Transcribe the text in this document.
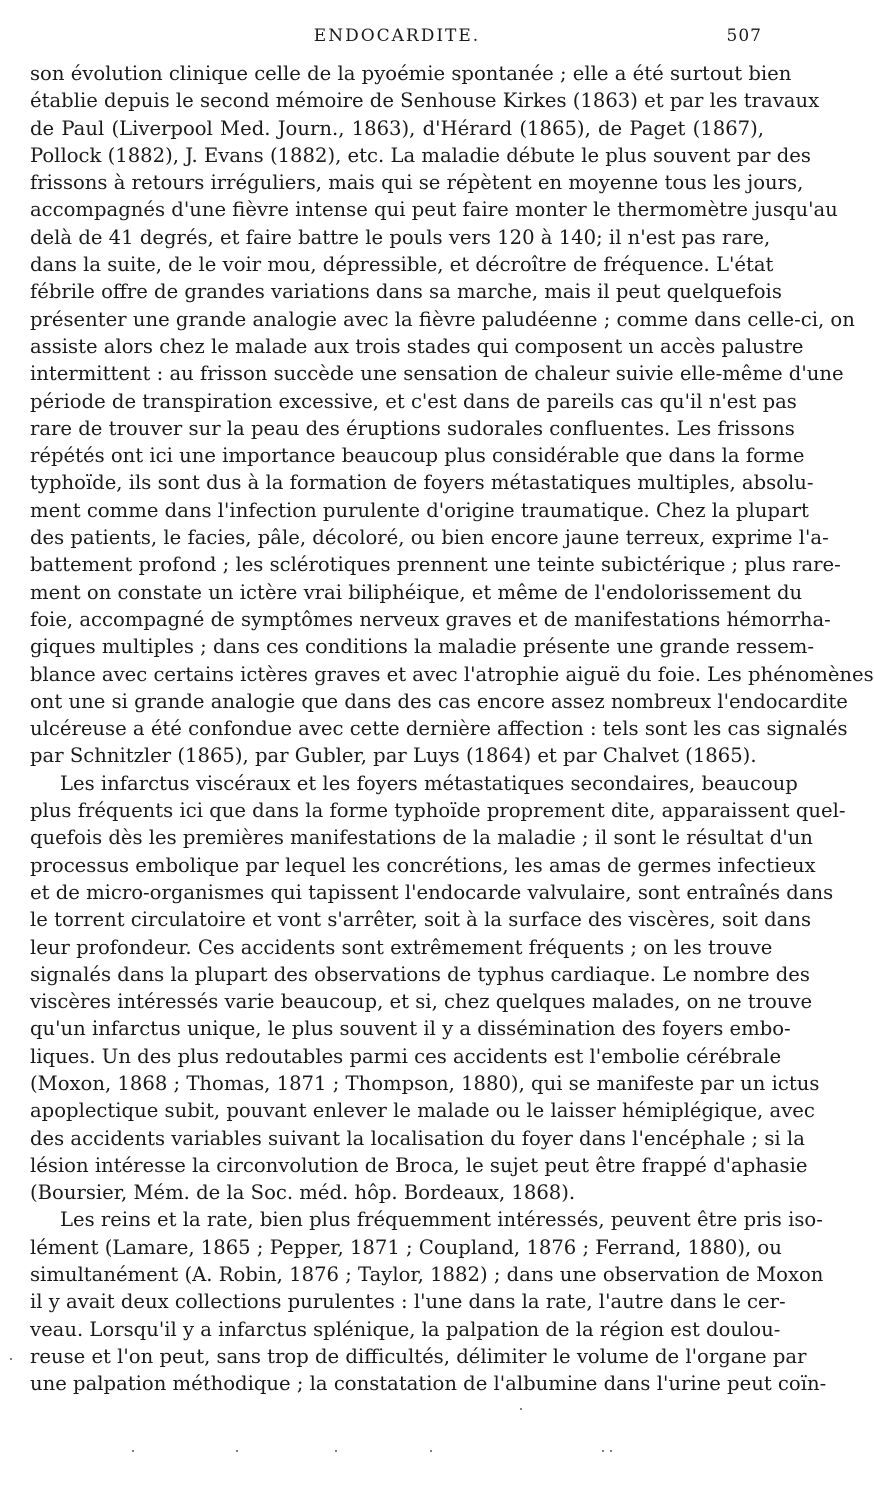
ENDOCARDITE.	507
son évolution clinique celle de la pyoémie spontanée ; elle a été surtout bien
établie depuis le second mémoire de Senhouse Kirkes (1863) et par les travaux
de Paul (Liverpool Med. Journ., 1863), d'Hérard (1865), de Paget (1867),
Pollock (1882), J. Evans (1882), etc. La maladie débute le plus souvent par des
frissons à retours irréguliers, mais qui se répètent en moyenne tous les jours,
accompagnés d'une fièvre intense qui peut faire monter le thermomètre jusqu'au
delà de 41 degrés, et faire battre le pouls vers 120 à 140; il n'est pas rare,
dans la suite, de le voir mou, dépressible, et décroître de fréquence. L'état
fébrile offre de grandes variations dans sa marche, mais il peut quelquefois
présenter une grande analogie avec la fièvre paludéenne ; comme dans celle-ci, on
assiste alors chez le malade aux trois stades qui composent un accès palustre
intermittent : au frisson succède une sensation de chaleur suivie elle-même d'une
période de transpiration excessive, et c'est dans de pareils cas qu'il n'est pas
rare de trouver sur la peau des éruptions sudorales confluentes. Les frissons
répétés ont ici une importance beaucoup plus considérable que dans la forme
typhoïde, ils sont dus à la formation de foyers métastatiques multiples, absolu-
ment comme dans l'infection purulente d'origine traumatique. Chez la plupart
des patients, le facies, pâle, décoloré, ou bien encore jaune terreux, exprime l'a-
battement profond ; les sclérotiques prennent une teinte subictérique ; plus rare-
ment on constate un ictère vrai biliphéique, et même de l'endolorissement du
foie, accompagné de symptômes nerveux graves et de manifestations hémorrha-
giques multiples ; dans ces conditions la maladie présente une grande ressem-
blance avec certains ictères graves et avec l'atrophie aiguë du foie. Les phénomènes
ont une si grande analogie que dans des cas encore assez nombreux l'endocardite
ulcéreuse a été confondue avec cette dernière affection : tels sont les cas signalés
par Schnitzler (1865), par Gubler, par Luys (1864) et par Chalvet (1865).
Les infarctus viscéraux et les foyers métastatiques secondaires, beaucoup
plus fréquents ici que dans la forme typhoïde proprement dite, apparaissent quel-
quefois dès les premières manifestations de la maladie ; il sont le résultat d'un
processus embolique par lequel les concrétions, les amas de germes infectieux
et de micro-organismes qui tapissent l'endocarde valvulaire, sont entraînés dans
le torrent circulatoire et vont s'arrêter, soit à la surface des viscères, soit dans
leur profondeur. Ces accidents sont extrêmement fréquents ; on les trouve
signalés dans la plupart des observations de typhus cardiaque. Le nombre des
viscères intéressés varie beaucoup, et si, chez quelques malades, on ne trouve
qu'un infarctus unique, le plus souvent il y a dissémination des foyers embo-
liques. Un des plus redoutables parmi ces accidents est l'embolie cérébrale
(Moxon, 1868 ; Thomas, 1871 ; Thompson, 1880), qui se manifeste par un ictus
apoplectique subit, pouvant enlever le malade ou le laisser hémiplégique, avec
des accidents variables suivant la localisation du foyer dans l'encéphale ; si la
lésion intéresse la circonvolution de Broca, le sujet peut être frappé d'aphasie
(Boursier, Mém. de la Soc. méd. hôp. Bordeaux, 1868).
Les reins et la rate, bien plus fréquemment intéressés, peuvent être pris iso-
lément (Lamare, 1865 ; Pepper, 1871 ; Coupland, 1876 ; Ferrand, 1880), ou
simultanément (A. Robin, 1876 ; Taylor, 1882) ; dans une observation de Moxon
il y avait deux collections purulentes : l'une dans la rate, l'autre dans le cer-
veau. Lorsqu'il y a infarctus splénique, la palpation de la région est doulou-
reuse et l'on peut, sans trop de difficultés, délimiter le volume de l'organe par
une palpation méthodique ; la constatation de l'albumine dans l'urine peut coïn-
